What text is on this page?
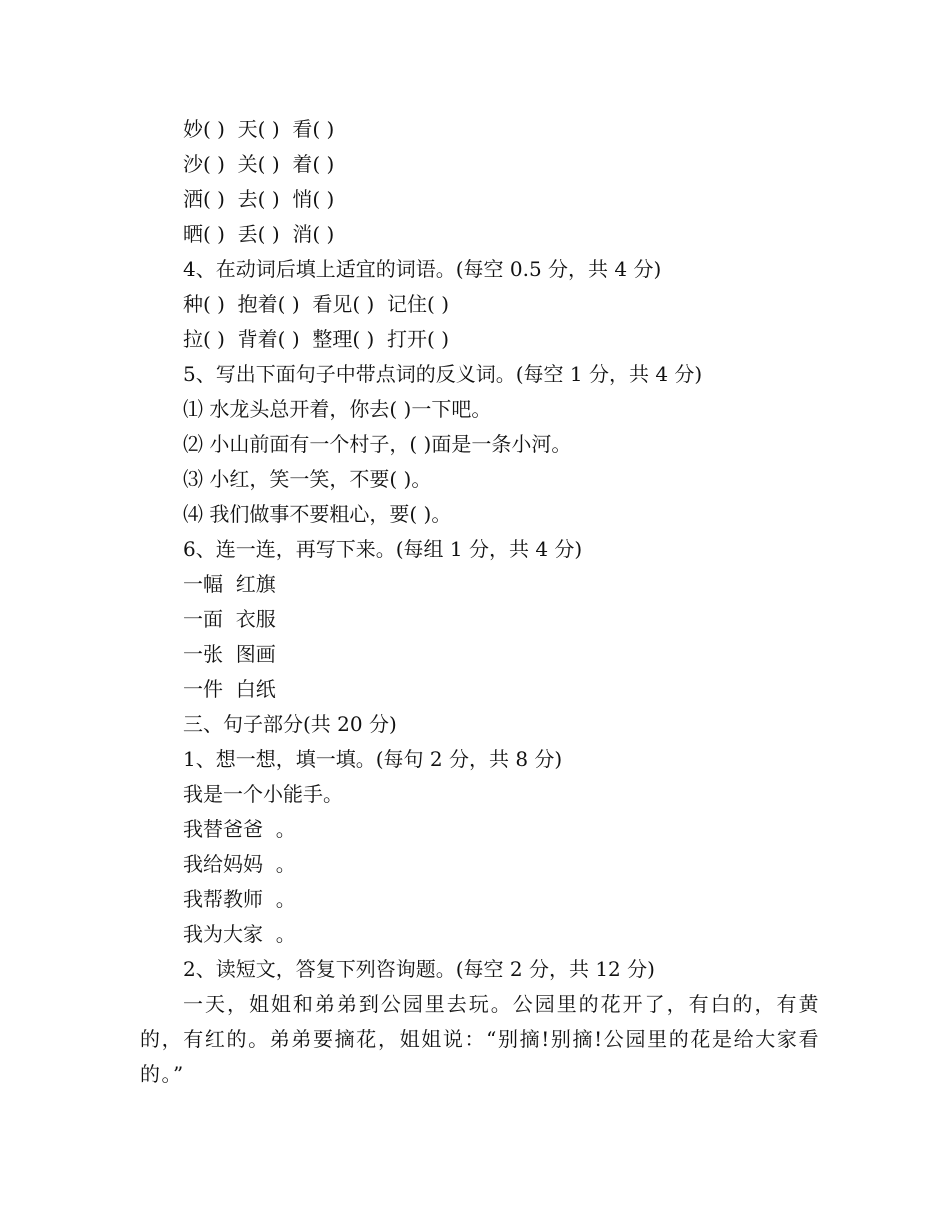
妙( )  天( )  看( )
沙( )  关( )  着( )
洒( )  去( )  悄( )
晒( )  丢( )  消( )
4、在动词后填上适宜的词语。(每空 0.5 分，共 4 分)
种( )  抱着( )  看见( )  记住( )
拉( )  背着( )  整理( )  打开( )
5、写出下面句子中带点词的反义词。(每空 1 分，共 4 分)
⑴ 水龙头总开着，你去( )一下吧。
⑵ 小山前面有一个村子，( )面是一条小河。
⑶ 小红，笑一笑，不要( )。
⑷ 我们做事不要粗心，要( )。
6、连一连，再写下来。(每组 1 分，共 4 分)
一幅  红旗
一面  衣服
一张  图画
一件  白纸
三、句子部分(共 20 分)
1、想一想，填一填。(每句 2 分，共 8 分)
我是一个小能手。
我替爸爸  。
我给妈妈  。
我帮教师  。
我为大家  。
2、读短文，答复下列咨询题。(每空 2 分，共 12 分)
一天，姐姐和弟弟到公园里去玩。公园里的花开了，有白的，有黄的，有红的。弟弟要摘花，姐姐说：“别摘!别摘!公园里的花是给大家看的。”
